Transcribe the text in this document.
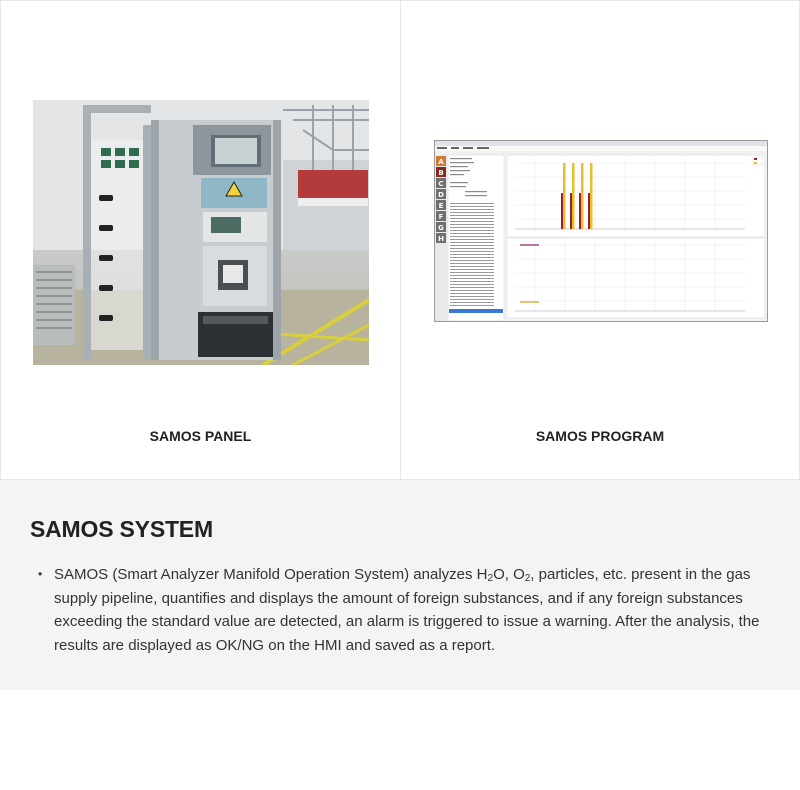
SAMOS PANEL	SAMOS PROGRAM
A
B
C
D
E
F
G
H
SAMOS SYSTEM
• SAMOS (Smart Analyzer Manifold Operation System) analyzes $H_2O$, $O_2$, particles, etc. present in the gas supply pipeline, quantifies and displays the amount of foreign substances, and if any foreign substances exceeding the standard value are detected, an alarm is triggered to issue a warning. After the analysis, the results are displayed as OK/NG on the HMI and saved as a report.
